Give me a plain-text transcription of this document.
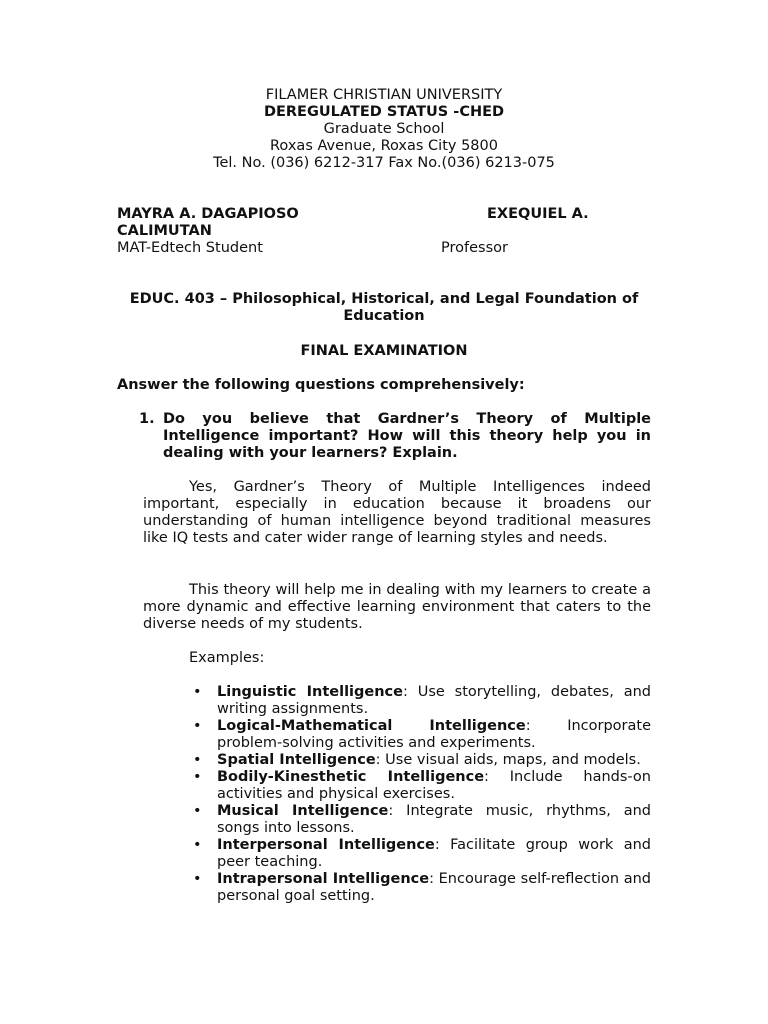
FILAMER CHRISTIAN UNIVERSITY
DEREGULATED STATUS -CHED
Graduate School
Roxas Avenue, Roxas City 5800
Tel. No. (036) 6212-317 Fax No.(036) 6213-075
MAYRA A. DAGAPIOSO	EXEQUIEL A.
CALIMUTAN
MAT-Edtech Student	Professor
EDUC. 403 – Philosophical, Historical, and Legal Foundation of Education
FINAL EXAMINATION
Answer the following questions comprehensively:
1. Do you believe that Gardner’s Theory of Multiple Intelligence important? How will this theory help you in dealing with your learners? Explain.
Yes, Gardner’s Theory of Multiple Intelligences indeed important, especially in education because it broadens our understanding of human intelligence beyond traditional measures like IQ tests and cater wider range of learning styles and needs.
This theory will help me in dealing with my learners to create a more dynamic and effective learning environment that caters to the diverse needs of my students.
Examples:
• Linguistic Intelligence: Use storytelling, debates, and writing assignments.
• Logical-Mathematical Intelligence: Incorporate problem-solving activities and experiments.
• Spatial Intelligence: Use visual aids, maps, and models.
• Bodily-Kinesthetic Intelligence: Include hands-on activities and physical exercises.
• Musical Intelligence: Integrate music, rhythms, and songs into lessons.
• Interpersonal Intelligence: Facilitate group work and peer teaching.
• Intrapersonal Intelligence: Encourage self-reflection and personal goal setting.
